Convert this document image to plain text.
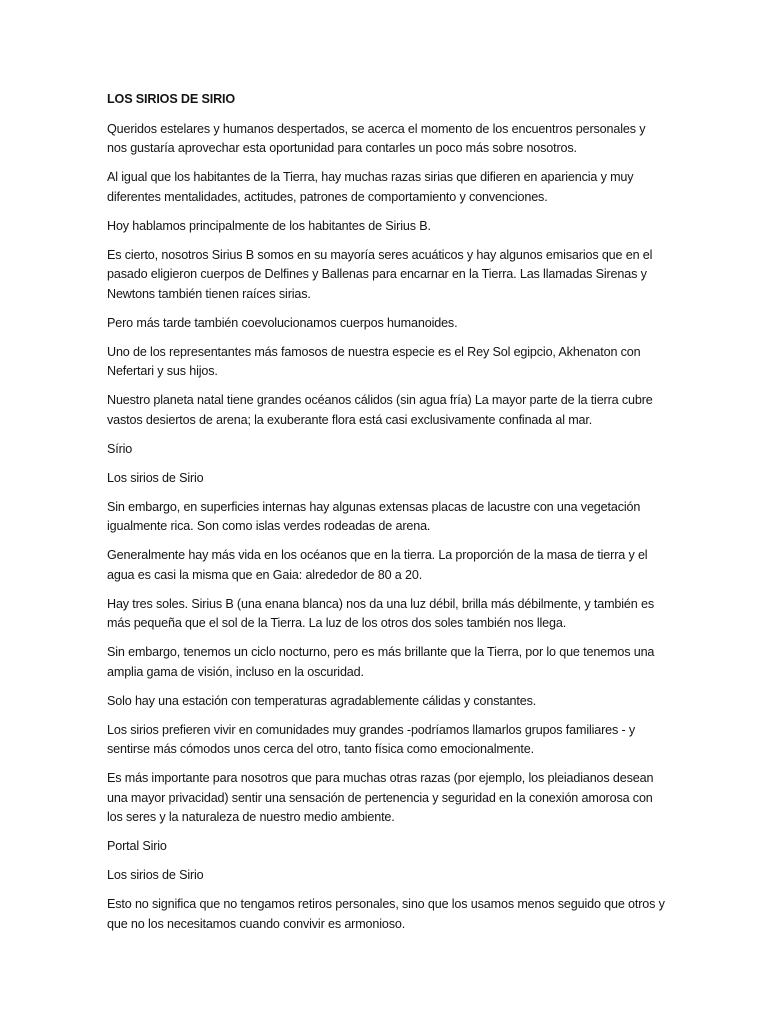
LOS SIRIOS DE SIRIO

Queridos estelares y humanos despertados, se acerca el momento de los encuentros personales y nos gustaría aprovechar esta oportunidad para contarles un poco más sobre nosotros.

Al igual que los habitantes de la Tierra, hay muchas razas sirias que difieren en apariencia y muy diferentes mentalidades, actitudes, patrones de comportamiento y convenciones.

Hoy hablamos principalmente de los habitantes de Sirius B.

Es cierto, nosotros Sirius B somos en su mayoría seres acuáticos y hay algunos emisarios que en el pasado eligieron cuerpos de Delfines y Ballenas para encarnar en la Tierra. Las llamadas Sirenas y Newtons también tienen raíces sirias.

Pero más tarde también coevolucionamos cuerpos humanoides.

Uno de los representantes más famosos de nuestra especie es el Rey Sol egipcio, Akhenaton con Nefertari y sus hijos.

Nuestro planeta natal tiene grandes océanos cálidos (sin agua fría) La mayor parte de la tierra cubre vastos desiertos de arena; la exuberante flora está casi exclusivamente confinada al mar.

Sírio

Los sirios de Sirio

Sin embargo, en superficies internas hay algunas extensas placas de lacustre con una vegetación igualmente rica. Son como islas verdes rodeadas de arena.

Generalmente hay más vida en los océanos que en la tierra. La proporción de la masa de tierra y el agua es casi la misma que en Gaia: alrededor de 80 a 20.

Hay tres soles. Sirius B (una enana blanca) nos da una luz débil, brilla más débilmente, y también es más pequeña que el sol de la Tierra. La luz de los otros dos soles también nos llega.

Sin embargo, tenemos un ciclo nocturno, pero es más brillante que la Tierra, por lo que tenemos una amplia gama de visión, incluso en la oscuridad.

Solo hay una estación con temperaturas agradablemente cálidas y constantes.

Los sirios prefieren vivir en comunidades muy grandes -podríamos llamarlos grupos familiares - y sentirse más cómodos unos cerca del otro, tanto física como emocionalmente.

Es más importante para nosotros que para muchas otras razas (por ejemplo, los pleiadianos desean una mayor privacidad) sentir una sensación de pertenencia y seguridad en la conexión amorosa con los seres y la naturaleza de nuestro medio ambiente.

Portal Sirio

Los sirios de Sirio

Esto no significa que no tengamos retiros personales, sino que los usamos menos seguido que otros y que no los necesitamos cuando convivir es armonioso.
